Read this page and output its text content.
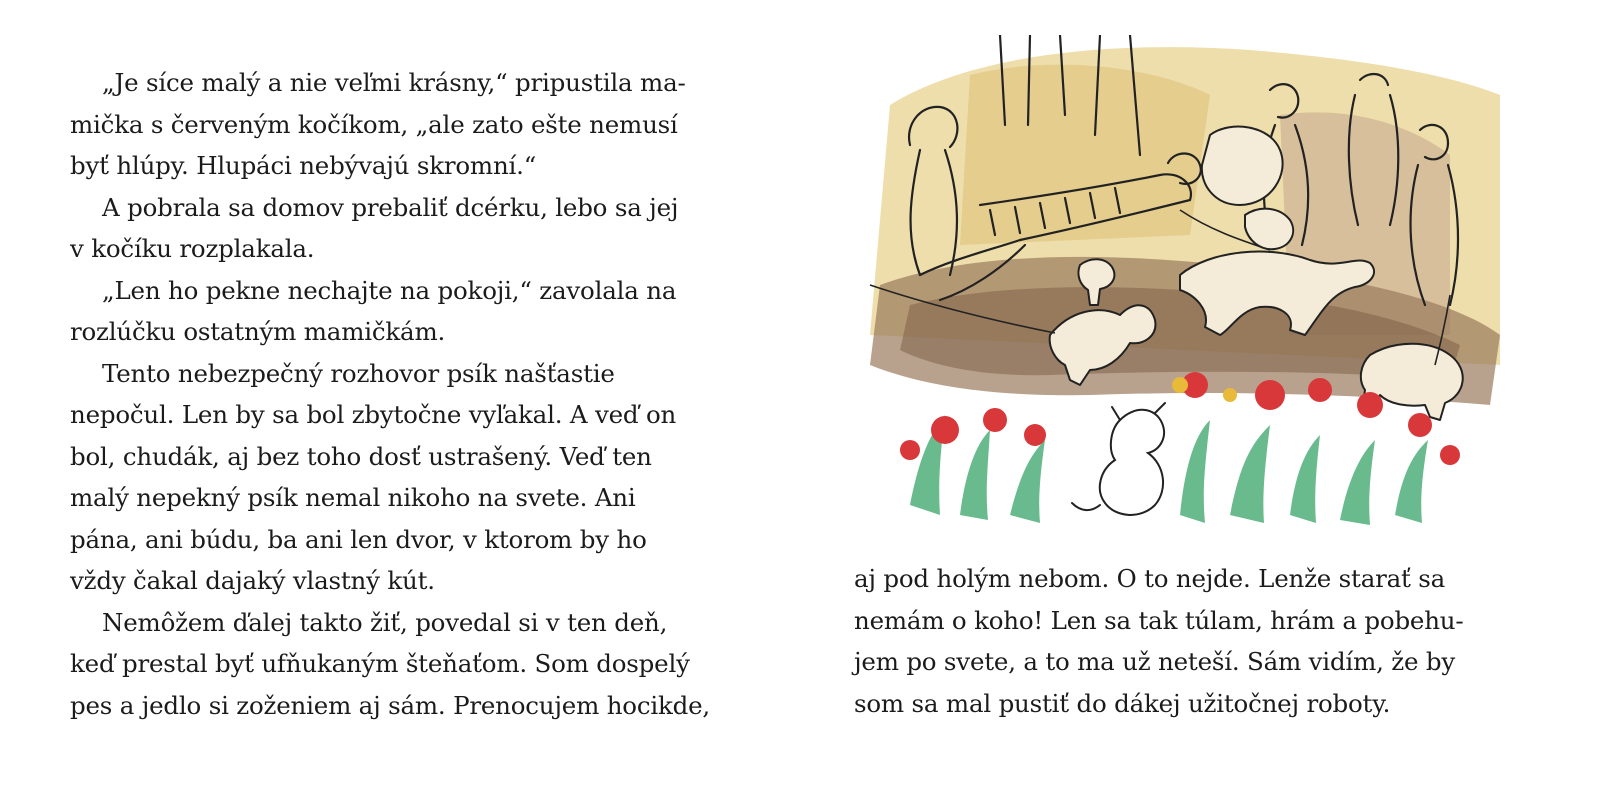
„Je síce malý a nie veľmi krásny,“ pripustila ma-
mička s červeným kočíkom, „ale zato ešte nemusí
byť hlúpy. Hlupáci nebývajú skromní.“
A pobrala sa domov prebaliť dcérku, lebo sa jej
v kočíku rozplakala.
„Len ho pekne nechajte na pokoji,“ zavolala na
rozlúčku ostatným mamičkám.
Tento nebezpečný rozhovor psík našťastie
nepočul. Len by sa bol zbytočne vyľakal. A veď on
bol, chudák, aj bez toho dosť ustrašený. Veď ten
malý nepekný psík nemal nikoho na svete. Ani
pána, ani búdu, ba ani len dvor, v ktorom by ho
vždy čakal dajaký vlastný kút.
Nemôžem ďalej takto žiť, povedal si v ten deň,
keď prestal byť ufňukaným šteňaťom. Som dospelý
pes a jedlo si zoženiem aj sám. Prenocujem hocikde,
aj pod holým nebom. O to nejde. Lenže starať sa
nemám o koho! Len sa tak túlam, hrám a pobehu-
jem po svete, a to ma už neteší. Sám vidím, že by
som sa mal pustiť do dákej užitočnej roboty.
